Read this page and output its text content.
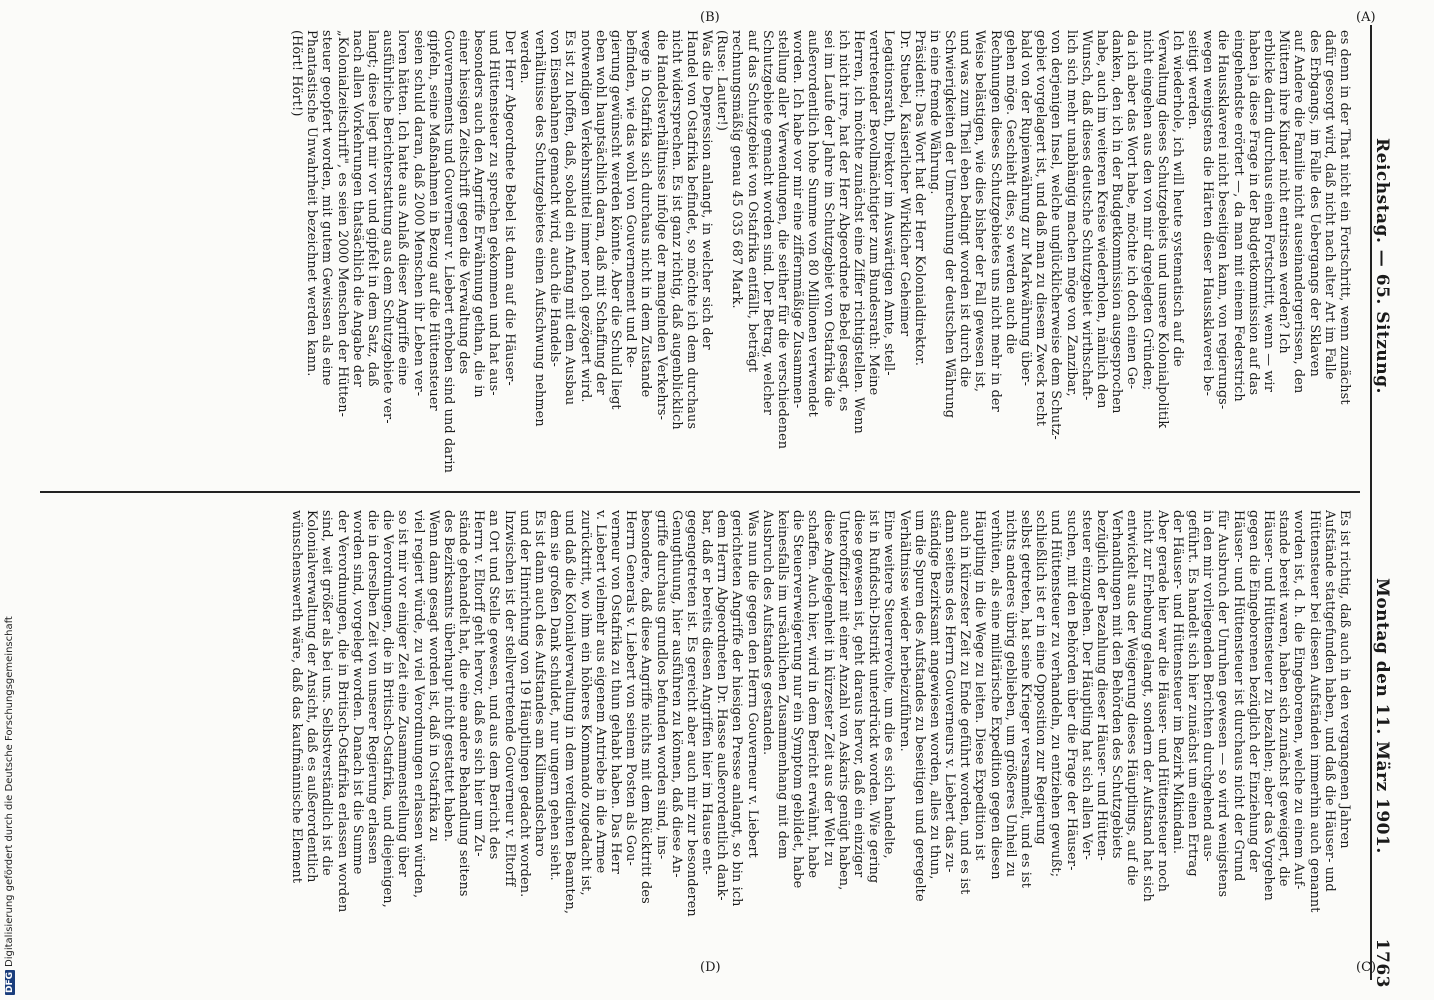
Reichstag. — 65. Sitzung.
Montag den 11. März 1901.
1763
es denn in der That nicht ein Fortschritt, wenn zunächst
dafür gesorgt wird, daß nicht nach alter Art im Falle
des Erbgangs, im Falle des Uebergangs der Sklaven
auf Andere die Familie nicht auseinandergerissen, den
Müttern ihre Kinder nicht entrissen werden? Ich
erblicke darin durchaus einen Fortschritt, wenn — wir
haben ja diese Frage in der Budgetkommission auf das
eingehendste erörtert —, da man mit einem Federstrich
die Haussklaverei nicht beseitigen kann, von regierungs-
wegen wenigstens die Härten dieser Haussklaverei be-
seitigt werden.
Ich wiederhole, ich will heute systematisch auf die
Verwaltung dieses Schutzgebiets und unsere Kolonialpolitik
nicht eingehen aus den von mir dargelegten Gründen;
da ich aber das Wort habe, möchte ich doch einen Ge-
danken, den ich in der Budgetkommission ausgesprochen
habe, auch im weiteren Kreise wiederholen, nämlich den
Wunsch, daß dieses deutsche Schutzgebiet wirthschaft-
lich sich mehr unabhängig machen möge von Zanzibar,
von derjenigen Insel, welche unglücklicherweise dem Schutz-
gebiet vorgelagert ist, und daß man zu diesem Zweck recht
bald von der Rupienwährung zur Markwährung über-
gehen möge. Geschieht dies, so werden auch die
Rechnungen dieses Schutzgebietes uns nicht mehr in der
Weise belästigen, wie dies bisher der Fall gewesen ist,
und was zum Theil eben bedingt worden ist durch die
Schwierigkeiten der Umrechnung der deutschen Währung
in eine fremde Währung.
Präsident: Das Wort hat der Herr Kolonialdirektor.
Dr. Stuebel, Kaiserlicher Wirklicher Geheimer
Legationsrath, Direktor im Auswärtigen Amte, stell-
vertretender Bevollmächtigter zum Bundesrath: Meine
Herren, ich möchte zunächst eine Ziffer richtigstellen. Wenn
ich nicht irre, hat der Herr Abgeordnete Bebel gesagt, es
sei im Laufe der Jahre im Schutzgebiet von Ostafrika die
außerordentlich hohe Summe von 80 Millionen verwendet
worden. Ich habe vor mir eine ziffernmäßige Zusammen-
stellung aller Verwendungen, die seither für die verschiedenen
Schutzgebiete gemacht worden sind. Der Betrag, welcher
auf das Schutzgebiet von Ostafrika entfällt, beträgt
rechnungsmäßig genau 45 035 687 Mark.
(Ruse: Lauter!)
Was die Depression anlangt, in welcher sich der
Handel von Ostafrika befindet, so möchte ich dem durchaus
nicht widersprechen. Es ist ganz richtig, daß augenblicklich
die Handelsverhältnisse infolge der mangelnden Verkehrs-
wege in Ostafrika sich durchaus nicht in dem Zustande
befinden, wie das wohl von Gouvernement und Re-
gierung gewünscht werden könnte. Aber die Schuld liegt
eben wohl hauptsächlich daran, daß mit Schaffung der
notwendigen Verkehrsmittel immer noch gezögert wird.
Es ist zu hoffen, daß, sobald ein Anfang mit dem Ausbau
von Eisenbahnen gemacht wird, auch die Handels-
verhältnisse des Schutzgebietes einen Aufschwung nehmen
werden.
Der Herr Abgeordnete Bebel ist dann auf die Häuser-
und Hüttensteuer zu sprechen gekommen und hat aus-
besonders auch den Angriffe Erwähnung gethan, die in
einer hiesigen Zeitschrift gegen die Verwaltung des
Gouvernements und Gouverneur v. Liebert erhoben sind und darin
gipfeln, seine Maßnahmen in Bezug auf die Hüttensteuer
seien schuld daran, daß 2000 Menschen ihr Leben ver-
loren hätten. Ich hatte aus Anlaß dieser Angriffe eine
ausführliche Berichterstattung aus dem Schutzgebiete ver-
langt; diese liegt mir vor und gipfelt in dem Satz, daß
nach allen Vorkehrungen thatsächlich die Angabe der
„Kolonialzeitschrift", es seien 2000 Menschen der Hütten-
steuer geopfert worden, mit gutem Gewissen als eine
Phantastische Unwahrheit bezeichnet werden kann.
(Hört! Hört!)
Es ist richtig, daß auch in den vergangenen Jahren
Aufstände stattgefunden haben, und daß die Häuser- und
Hüttensteuer bei diesen Aufständen immerhin auch genannt
worden ist, d. h. die Eingeborenen, welche zu einem Auf-
stande bereit waren, haben sich zunächst geweigert, die
Häuser- und Hüttensteuer zu bezahlen; aber das Vorgehen
gegen die Eingeborenen bezüglich der Einziehung der
Häuser- und Hüttensteuer ist durchaus nicht der Grund
für Ausbruch der Unruhen gewesen — so wird wenigstens
in den mir vorliegenden Berichten durchgehend aus-
geführt. Es handelt sich hier zunächst um einen Ertrag
der Häuser- und Hüttensteuer im Bezirk Mikindani.
Aber gerade hier war die Häuser- und Hüttensteuer noch
nicht zur Erhebung gelangt, sondern der Aufstand hat sich
entwickelt aus der Weigerung dieses Häuptlings, auf die
Verhandlungen mit den Behörden des Schutzgebiets
bezüglich der Bezahlung dieser Häuser- und Hütten-
steuer einzugehen. Der Häuptling hat sich allen Ver-
suchen, mit den Behörden über die Frage der Häuser-
und Hüttensteuer zu verhandeln, zu entziehen gewußt;
schließlich ist er in eine Opposition zur Regierung
selbst getreten, hat seine Krieger versammelt, und es ist
nichts anderes übrig geblieben, um größeres Unheil zu
verhüten, als eine militärische Expedition gegen diesen
Häuptling in die Wege zu leiten. Diese Expedition ist
auch in kürzester Zeit zu Ende geführt worden, und es ist
dann seitens des Herrn Gouverneurs v. Liebert das zu-
ständige Bezirksamt angewiesen worden, alles zu thun,
um die Spuren des Aufstandes zu beseitigen und geregelte
Verhältnisse wieder herbeizuführen.
Eine weitere Steuerrevolte, um die es sich handelte,
ist in Rufidschi-Distrikt unterdrückt worden. Wie gering
diese gewesen ist, geht daraus hervor, daß ein einziger
Unteroffizier mit einer Anzahl von Askaris genügt haben,
diese Angelegenheit in kürzester Zeit aus der Welt zu
schaffen. Auch hier, wird in dem Bericht erwähnt, habe
die Steuerverweigerung nur ein Symptom gebildet, habe
keinesfalls im ursächlichen Zusammenhang mit dem
Ausbruch des Aufstandes gestanden.
Was nun die gegen den Herrn Gouverneur v. Liebert
gerichteten Angriffe der hiesigen Presse anlangt, so bin ich
dem Herrn Abgeordneten Dr. Hasse außerordentlich dank-
bar, daß er bereits diesen Angriffen hier im Hause ent-
gegengetreten ist. Es gereicht aber auch mir zur besonderen
Genugthuung, hier ausführen zu können, daß diese An-
griffe durchaus grundlos befunden worden sind, ins-
besondere, daß diese Angriffe nichts mit dem Rücktritt des
Herrn Generals v. Liebert von seinem Posten als Gou-
verneur von Ostafrika zu thun gehabt haben. Das Herr
v. Liebert vielmehr aus eigenem Antriebe in die Armee
zurücktritt, wo ihm ein höheres Kommando zugedacht ist,
und daß die Kolonialverwaltung in dem verdienten Beamten,
dem sie großen Dank schuldet, nur ungern gehen sieht.
Es ist dann auch des Aufstandes am Kilimandscharo
und der Hinrichtung von 19 Häuptlingen gedacht worden.
Inzwischen ist der stellvertretende Gouverneur v. Eltorff
an Ort und Stelle gewesen, und aus dem Bericht des
Herrn v. Eltorff geht hervor, daß es sich hier um Zu-
stände gehandelt hat, die eine andere Behandlung seitens
des Bezirksamts überhaupt nicht gestattet haben.
Wenn dann gesagt worden ist, daß in Ostafrika zu
viel regiert würde, zu viel Verordnungen erlassen würden,
so ist mir vor einiger Zeit eine Zusammenstellung über
die Verordnungen, die in Britisch-Ostafrika, und diejenigen,
die in derselben Zeit von unserer Regierung erlassen
worden sind, vorgelegt worden. Danach ist die Summe
der Verordnungen, die in Britisch-Ostafrika erlassen worden
sind, weit größer als bei uns. Selbstverständlich ist die
Kolonialverwaltung der Ansicht, daß es außerordentlich
wünschenswerth wäre, daß das kaufmännische Element
(A)
(B)
(C)
(D)
DFGDigitalisierung gefördert durch die Deutsche Forschungsgemeinschaft
